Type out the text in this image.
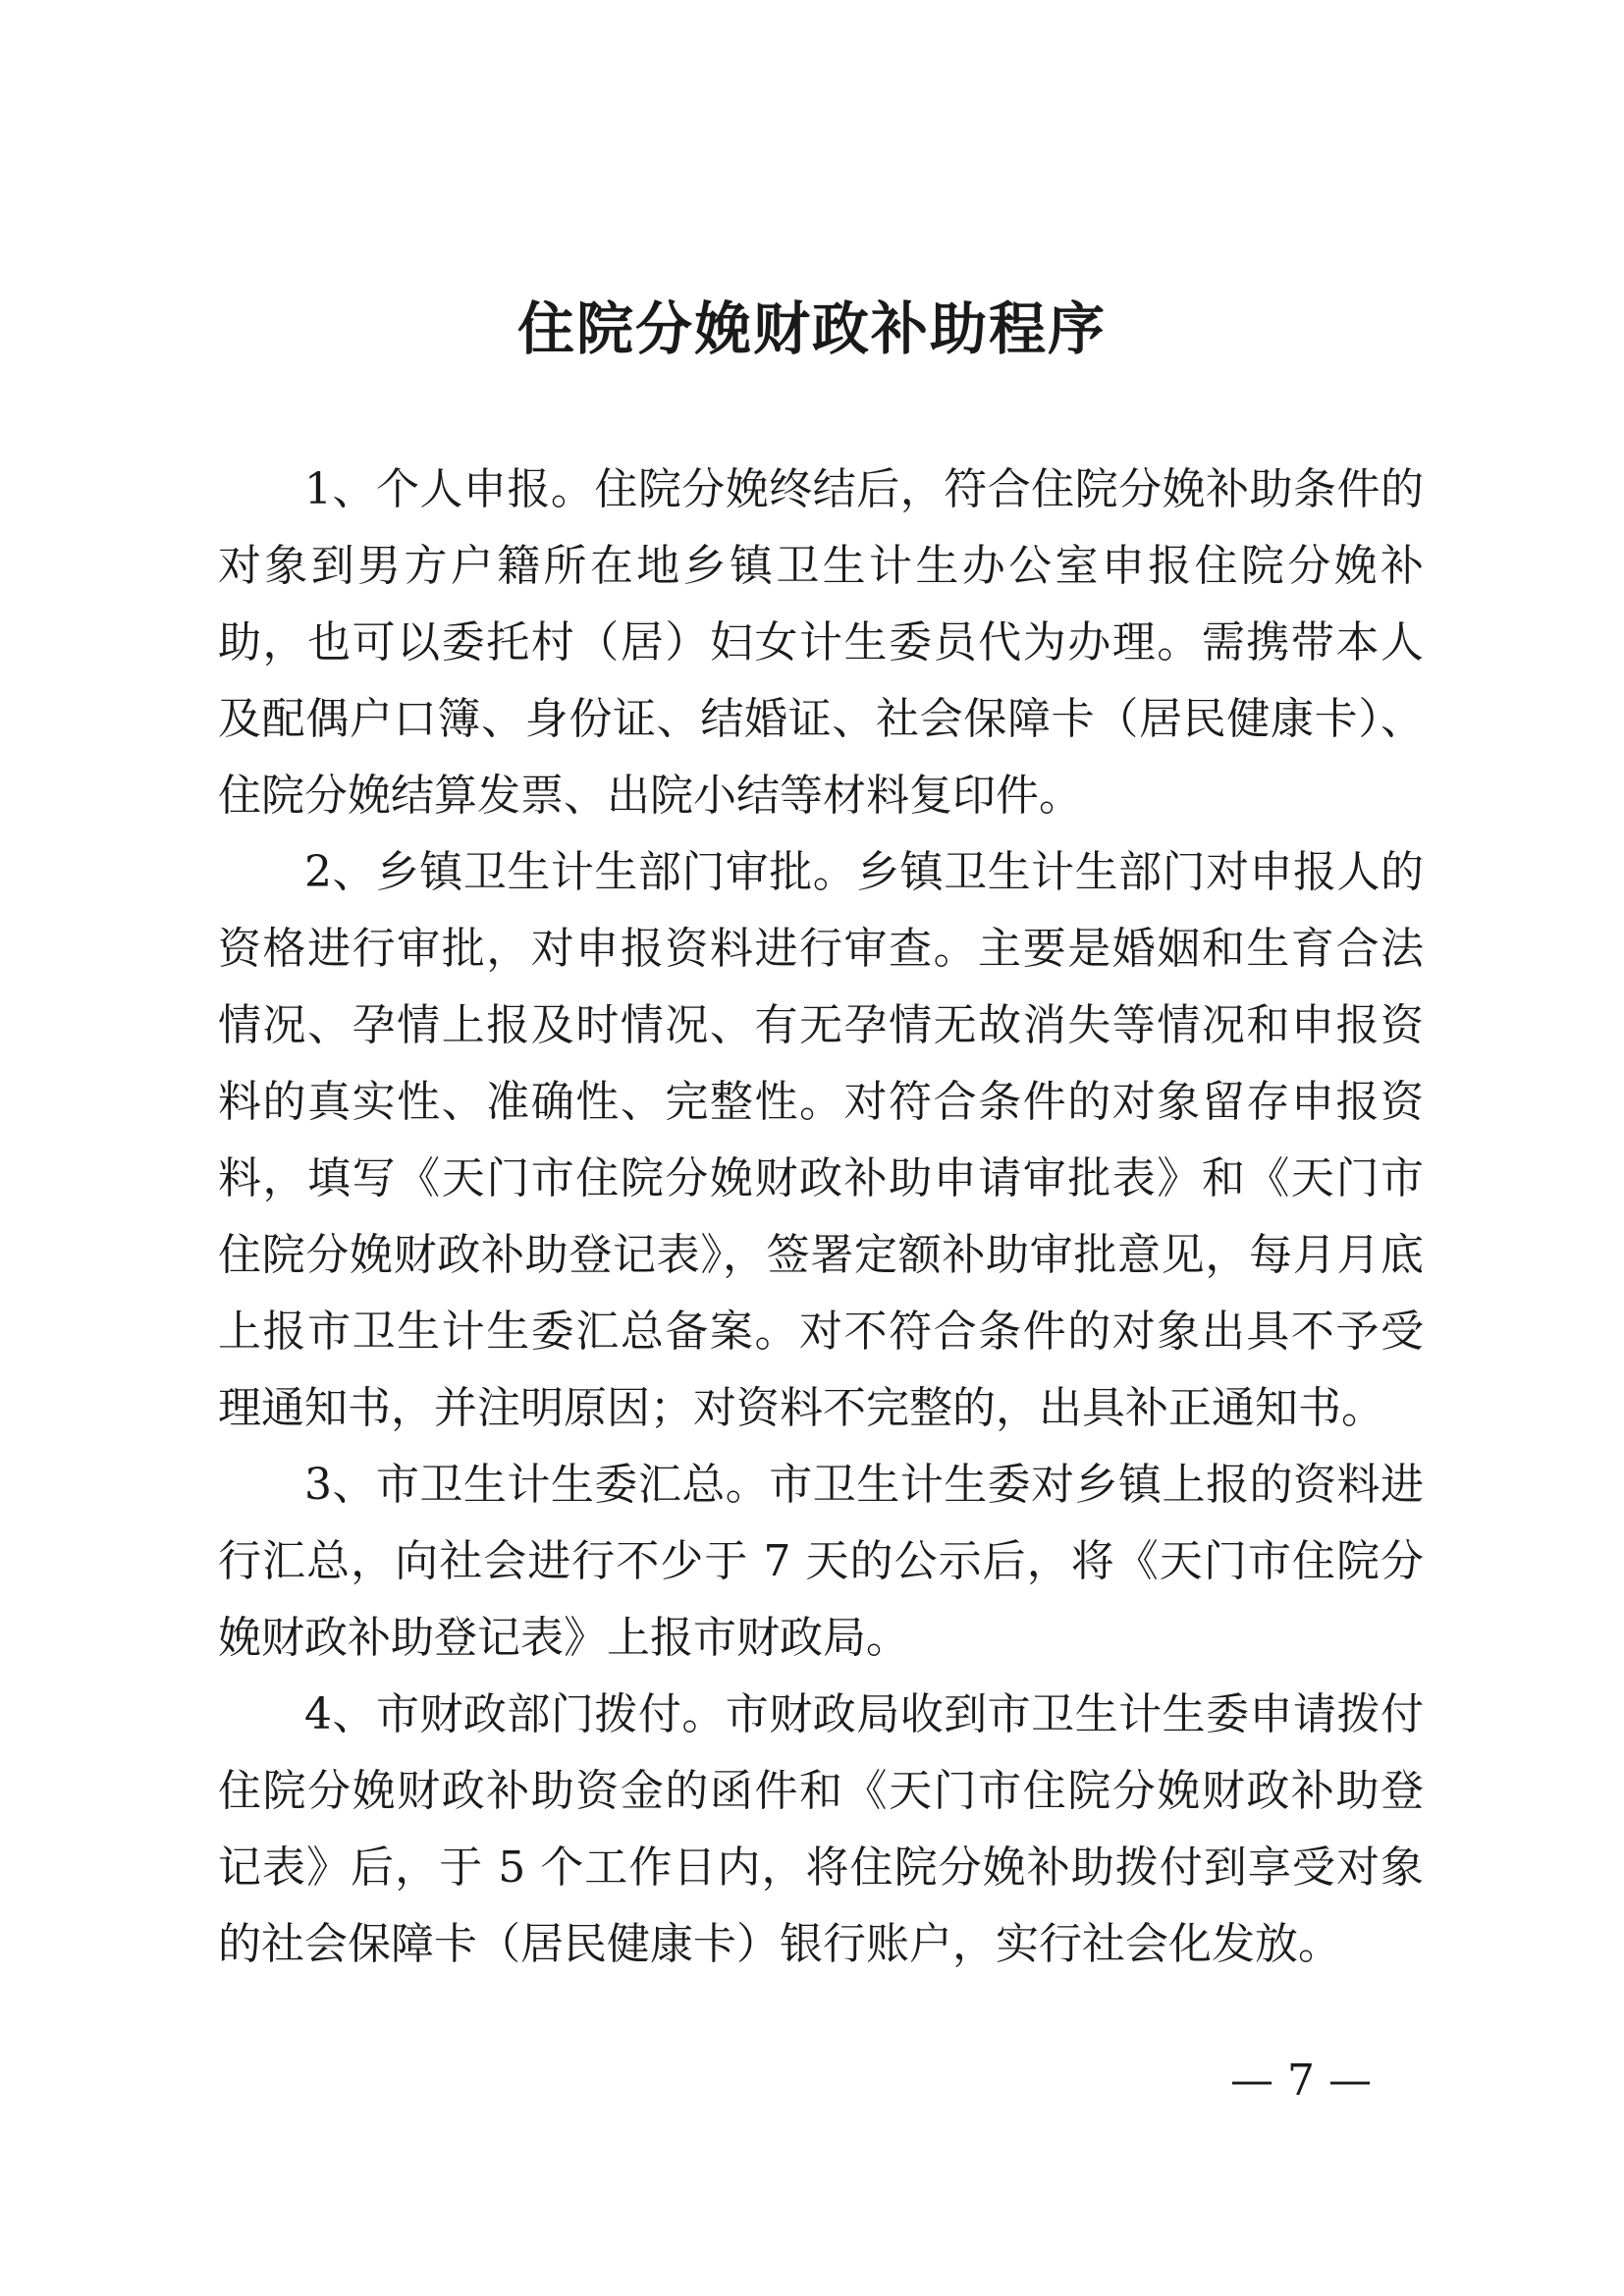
住院分娩财政补助程序

1、个人申报。住院分娩终结后，符合住院分娩补助条件的对象到男方户籍所在地乡镇卫生计生办公室申报住院分娩补助，也可以委托村（居）妇女计生委员代为办理。需携带本人及配偶户口簿、身份证、结婚证、社会保障卡（居民健康卡）、住院分娩结算发票、出院小结等材料复印件。

2、乡镇卫生计生部门审批。乡镇卫生计生部门对申报人的资格进行审批，对申报资料进行审查。主要是婚姻和生育合法情况、孕情上报及时情况、有无孕情无故消失等情况和申报资料的真实性、准确性、完整性。对符合条件的对象留存申报资料，填写《天门市住院分娩财政补助申请审批表》和《天门市住院分娩财政补助登记表》，签署定额补助审批意见，每月月底上报市卫生计生委汇总备案。对不符合条件的对象出具不予受理通知书，并注明原因；对资料不完整的，出具补正通知书。

3、市卫生计生委汇总。市卫生计生委对乡镇上报的资料进行汇总，向社会进行不少于 7 天的公示后，将《天门市住院分娩财政补助登记表》上报市财政局。

4、市财政部门拨付。市财政局收到市卫生计生委申请拨付住院分娩财政补助资金的函件和《天门市住院分娩财政补助登记表》后，于 5 个工作日内，将住院分娩补助拨付到享受对象的社会保障卡（居民健康卡）银行账户，实行社会化发放。

— 7 —
